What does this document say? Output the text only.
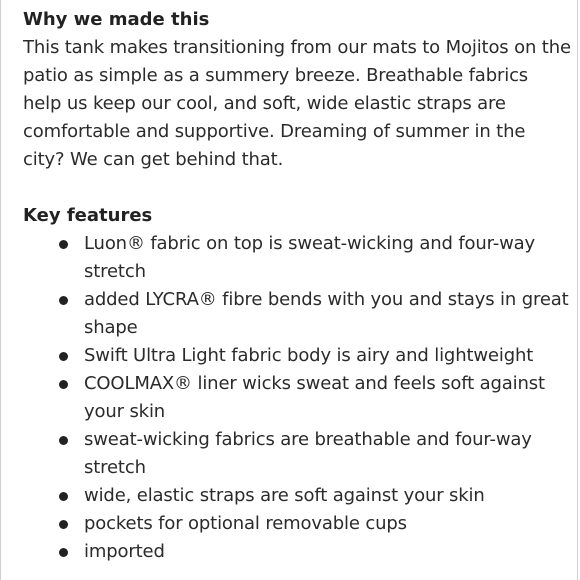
Why we made this

This tank makes transitioning from our mats to Mojitos on the patio as simple as a summery breeze. Breathable fabrics help us keep our cool, and soft, wide elastic straps are comfortable and supportive. Dreaming of summer in the city? We can get behind that.

Key features
Luon® fabric on top is sweat-wicking and four-way stretch
added LYCRA® fibre bends with you and stays in great shape
Swift Ultra Light fabric body is airy and lightweight
COOLMAX® liner wicks sweat and feels soft against your skin
sweat-wicking fabrics are breathable and four-way stretch
wide, elastic straps are soft against your skin
pockets for optional removable cups
imported
